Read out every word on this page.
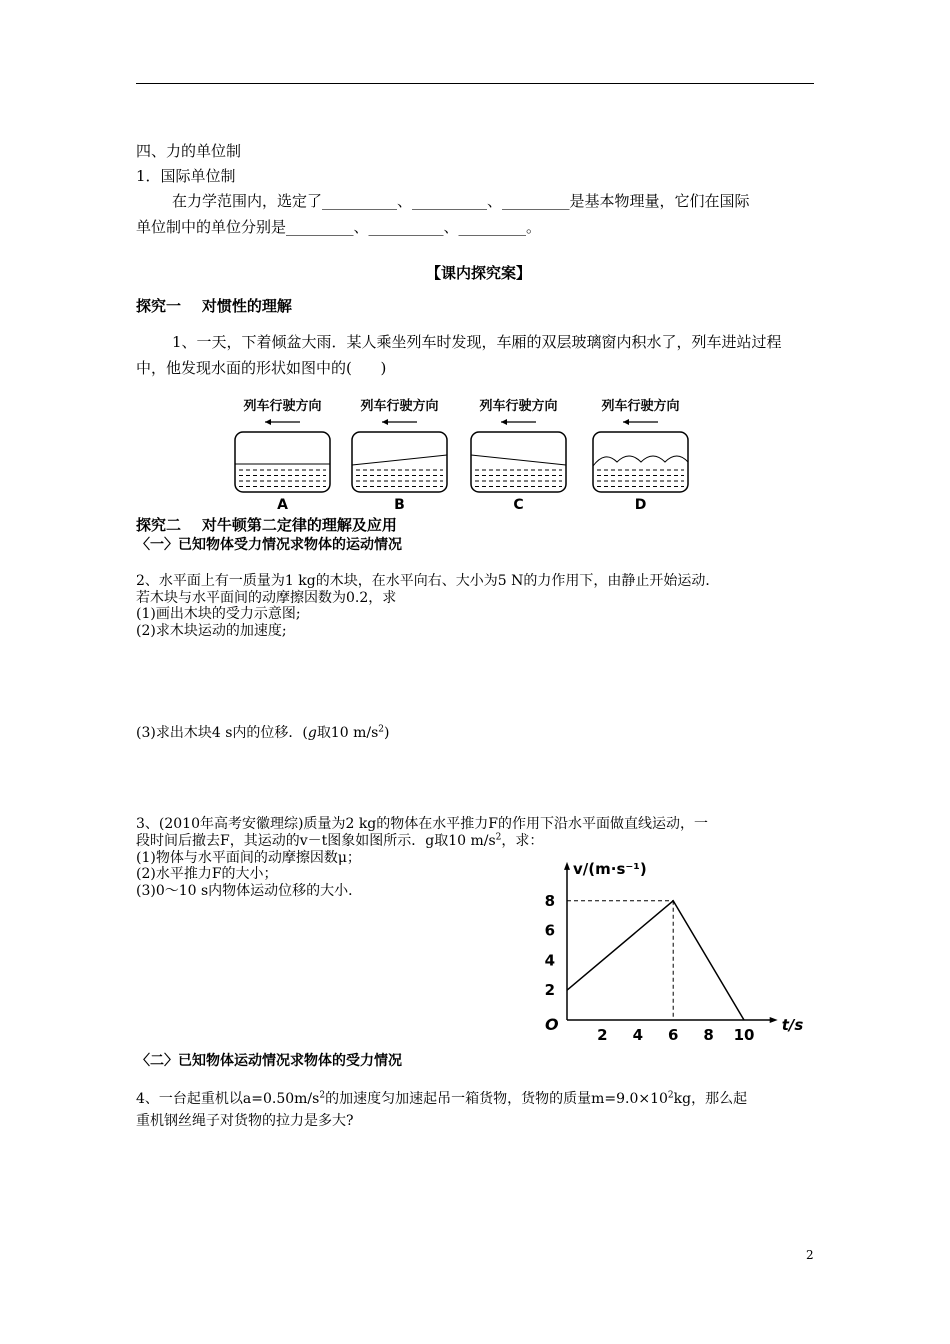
四、力的单位制
1．国际单位制
在力学范围内，选定了__________、__________、_________是基本物理量，它们在国际
单位制中的单位分别是_________、__________、_________。
【课内探究案】
探究一    对惯性的理解
1、一天，下着倾盆大雨．某人乘坐列车时发现，车厢的双层玻璃窗内积水了，列车进站过程
中，他发现水面的形状如图中的(      )
列车行驶方向
A
列车行驶方向
B
列车行驶方向
C
列车行驶方向
D
探究二    对牛顿第二定律的理解及应用
〈一〉已知物体受力情况求物体的运动情况
2、水平面上有一质量为1 kg的木块，在水平向右、大小为5 N的力作用下，由静止开始运动．
若木块与水平面间的动摩擦因数为0.2，求
(1)画出木块的受力示意图;
(2)求木块运动的加速度;
(3)求出木块4 s内的位移．(g取10 $m/s^2$)
3、(2010年高考安徽理综)质量为2 kg的物体在水平推力F的作用下沿水平面做直线运动，一
段时间后撤去F，其运动的v－t图象如图所示．g取10 $m/s^2$，求：
(1)物体与水平面间的动摩擦因数μ；
(2)水平推力F的大小；
(3)0～10 s内物体运动位移的大小．
v/(m·s⁻¹)
t/s
O
2 4 6 8 10
2
4
6
8
〈二〉已知物体运动情况求物体的受力情况
4、一台起重机以$a=0.50m/s^2$的加速度匀加速起吊一箱货物，货物的质量$m=9.0\times 10^2kg$，那么起
重机钢丝绳子对货物的拉力是多大?
2
